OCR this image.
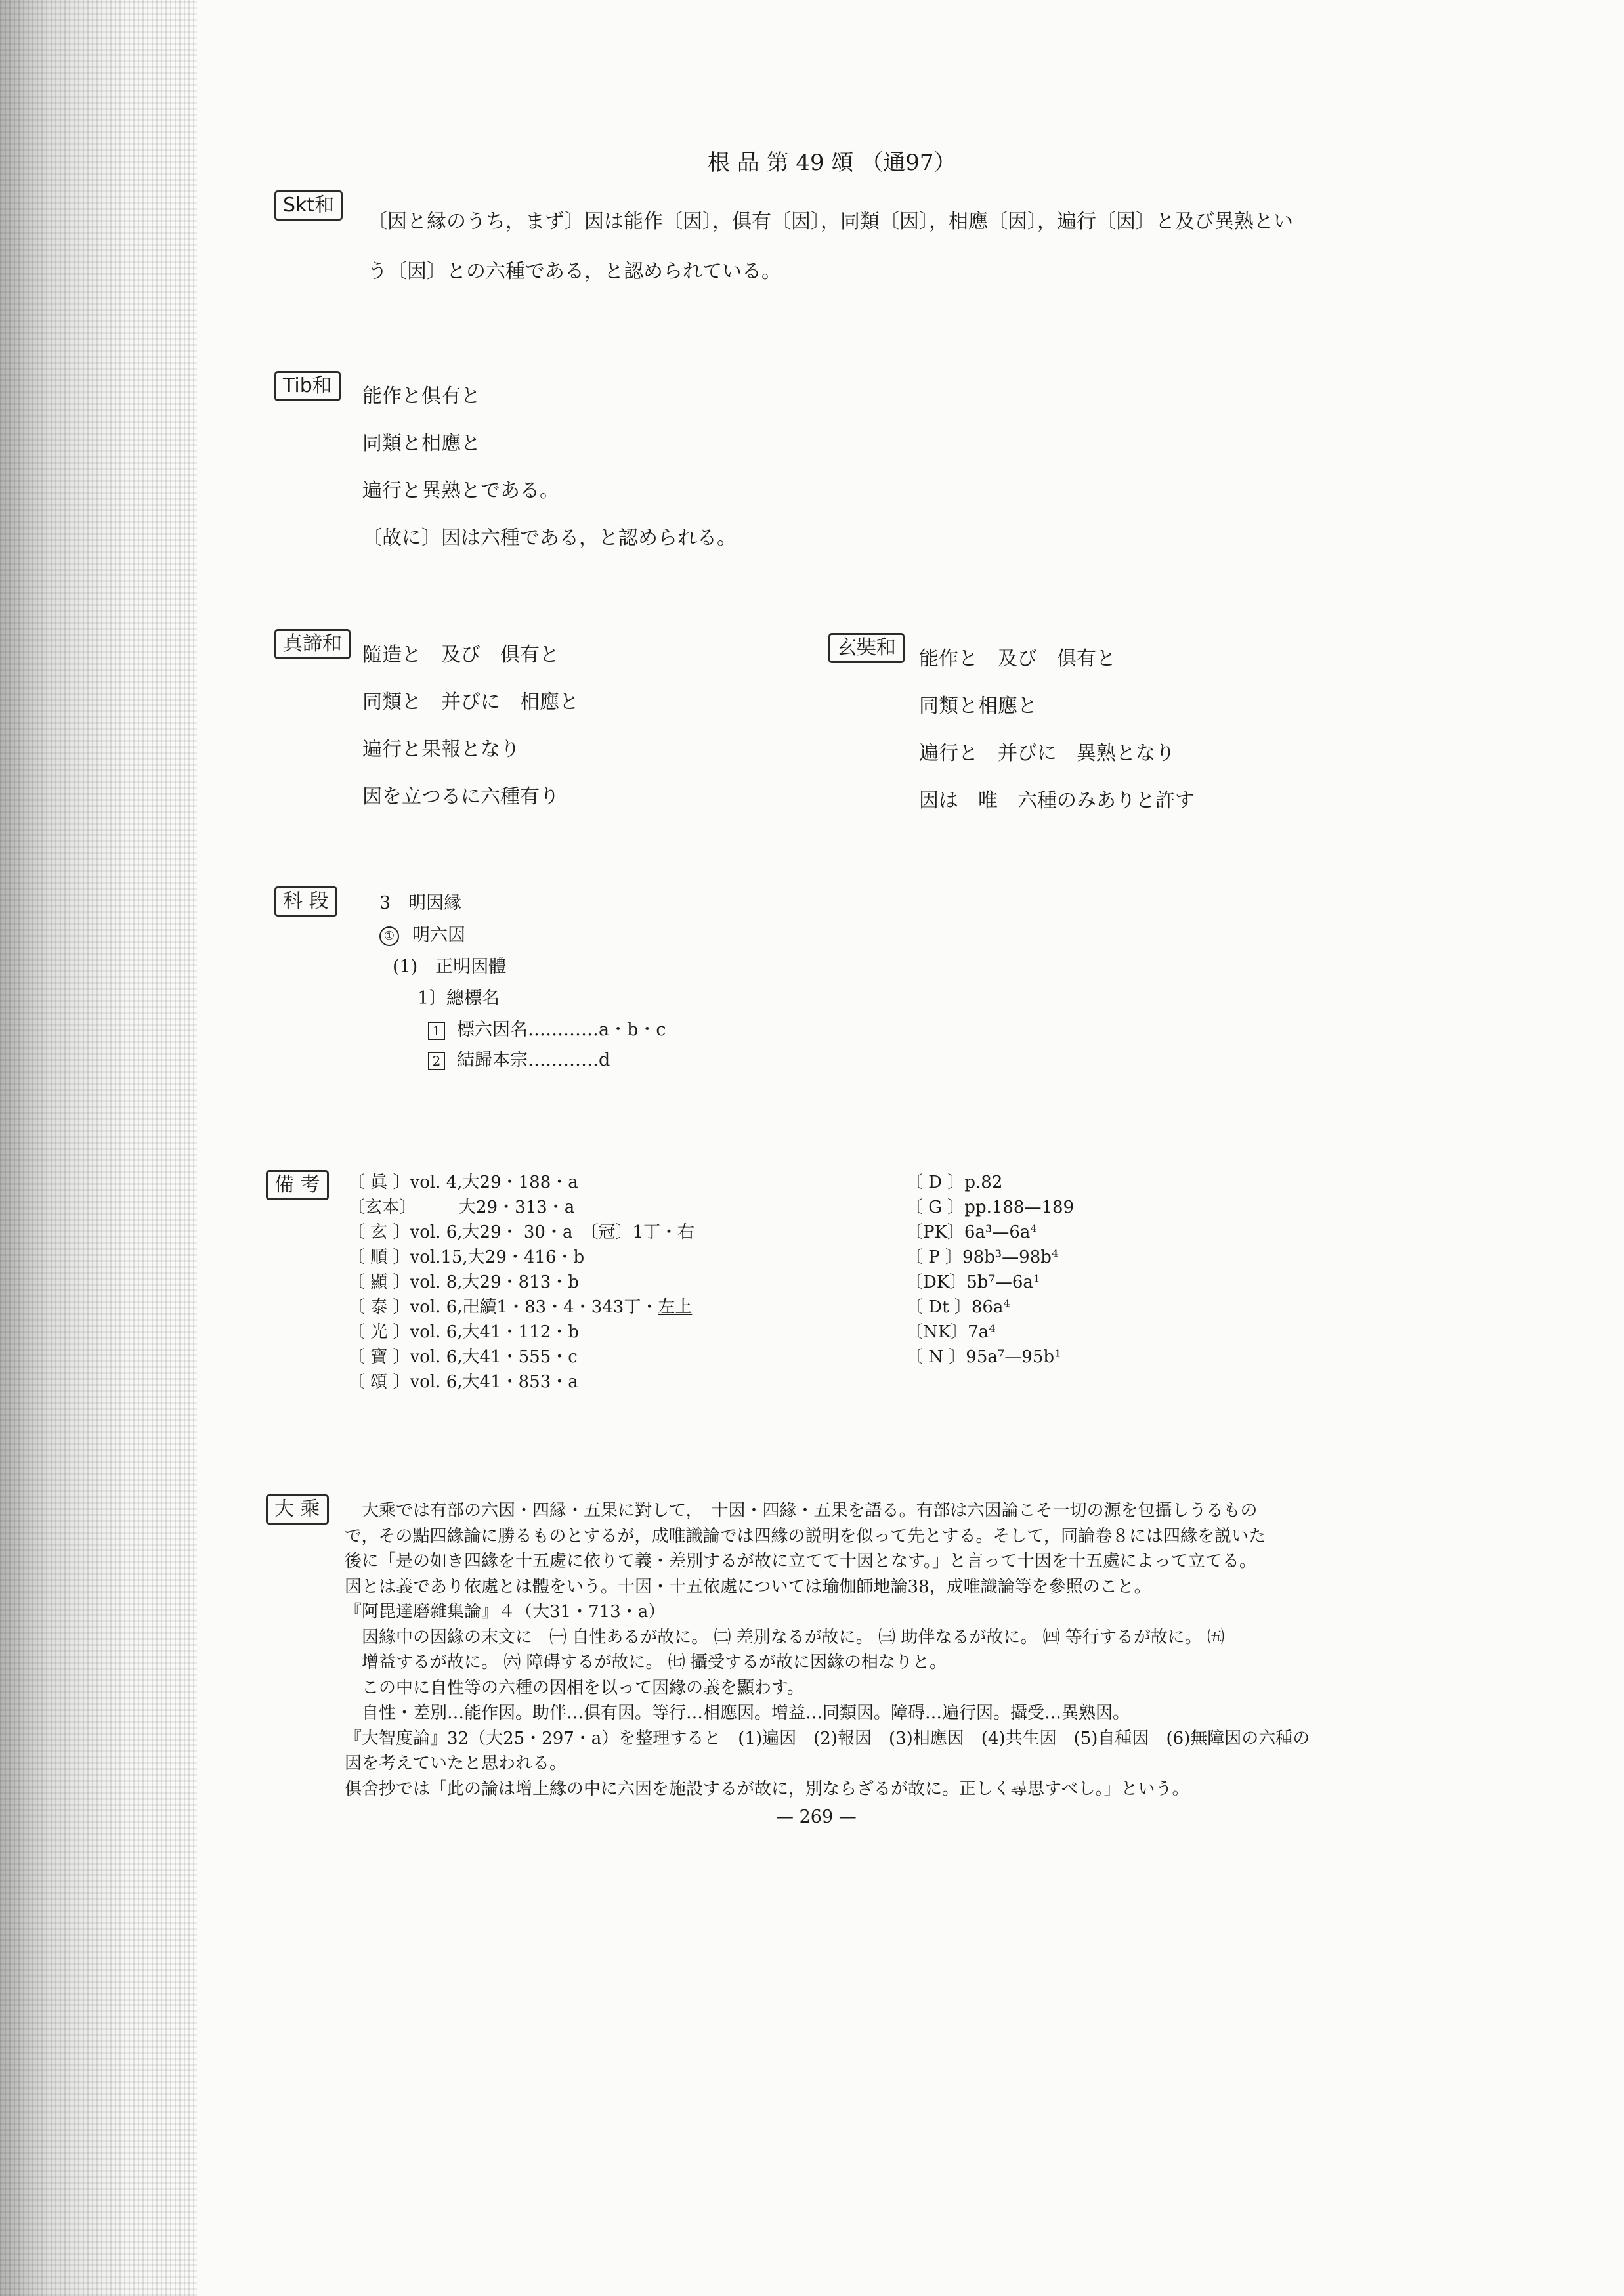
根 品 第 49 頌 （通97）
Skt和
〔因と縁のうち，まず〕因は能作〔因〕，俱有〔因〕，同類〔因〕，相應〔因〕，遍行〔因〕と及び異熟とい
う〔因〕との六種である，と認められている。
Tib和	能作と俱有と
同類と相應と
遍行と異熟とである。
〔故に〕因は六種である，と認められる。
真諦和	隨造と　及び　俱有と
同類と　并びに　相應と
遍行と果報となり
因を立つるに六種有り
玄奘和	能作と　及び　俱有と
同類と相應と
遍行と　并びに　異熟となり
因は　唯　六種のみありと許す
科 段	3　明因縁
① 明六因
(1)　正明因體
1〕總標名
1 標六因名…………a・b・c
2 結歸本宗…………d
備 考	〔 眞 〕vol. 4,大29・188・a
〔玄本〕　　　大29・313・a
〔 玄 〕vol. 6,大29・ 30・a　〔冠〕1丁・右
〔 順 〕vol.15,大29・416・b
〔 顯 〕vol. 8,大29・813・b
〔 泰 〕vol. 6,卍續1・83・4・343丁・左上
〔 光 〕vol. 6,大41・112・b
〔 寶 〕vol. 6,大41・555・c
〔 頌 〕vol. 6,大41・853・a
〔 D 〕p.82
〔 G 〕pp.188—189
〔PK〕6a³—6a⁴
〔 P 〕98b³—98b⁴
〔DK〕5b⁷—6a¹
〔 Dt 〕86a⁴
〔NK〕7a⁴
〔 N 〕95a⁷—95b¹
大 乘	　大乘では有部の六因・四縁・五果に對して，　十因・四緣・五果を語る。有部は六因論こそ一切の源を包攝しうるもの
で，その點四緣論に勝るものとするが，成唯識論では四緣の説明を似って先とする。そして，同論卷８には四緣を説いた
後に「是の如き四緣を十五處に依りて義・差別するが故に立てて十因となす。」と言って十因を十五處によって立てる。
因とは義であり依處とは體をいう。十因・十五依處については瑜伽師地論38，成唯識論等を參照のこと。
『阿毘達磨雜集論』４（大31・713・a）
　因緣中の因緣の末文に　㈠ 自性あるが故に。 ㈡ 差別なるが故に。 ㈢ 助伴なるが故に。 ㈣ 等行するが故に。 ㈤
　增益するが故に。 ㈥ 障碍するが故に。 ㈦ 攝受するが故に因緣の相なりと。
　この中に自性等の六種の因相を以って因緣の義を顯わす。
　自性・差別…能作因。助伴…俱有因。等行…相應因。增益…同類因。障碍…遍行因。攝受…異熟因。
『大智度論』32（大25・297・a）を整理すると　(1)遍因　(2)報因　(3)相應因　(4)共生因　(5)自種因　(6)無障因の六種の
因を考えていたと思われる。
俱舍抄では「此の論は增上緣の中に六因を施設するが故に，別ならざるが故に。正しく尋思すべし。」という。
— 269 —
